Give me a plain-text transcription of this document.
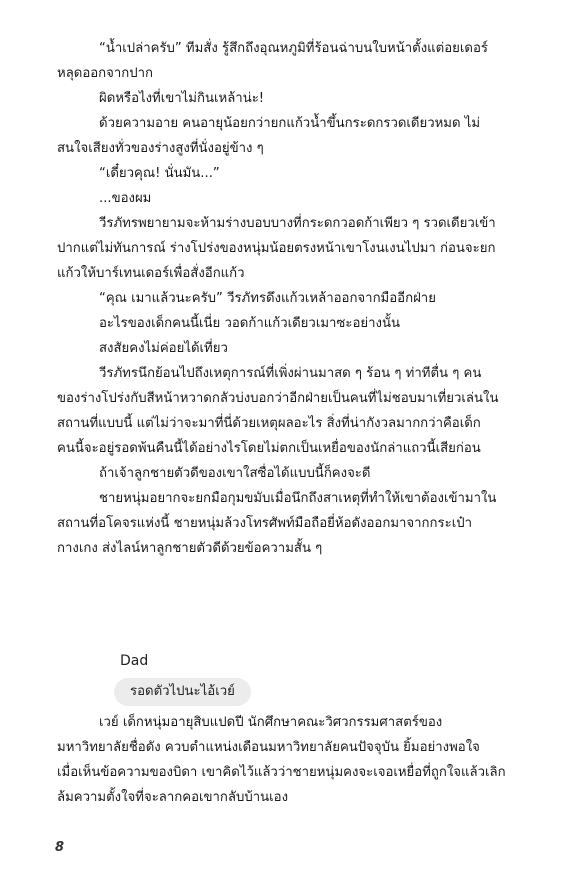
“น้ำเปล่าครับ” ทีมสั่ง รู้สึกถึงอุณหภูมิที่ร้อนฉ่าบนใบหน้าตั้งแต่อยเดอร์
หลุดออกจากปาก
ผิดหรือไงที่เขาไม่กินเหล้าน่ะ!
ด้วยความอาย คนอายุน้อยกว่ายกแก้วน้ำขึ้นกระดกรวดเดียวหมด ไม่
สนใจเสียงทั่วของร่างสูงที่นั่งอยู่ข้าง ๆ
“เดี๋ยวคุณ! นั่นมัน...”
...ของผม
วีรภัทรพยายามจะห้ามร่างบอบบางที่กระดกวอดก้าเพียว ๆ รวดเดียวเข้า
ปากแต่ไม่ทันการณ์ ร่างโปร่งของหนุ่มน้อยตรงหน้าเขาโงนเงนไปมา ก่อนจะยก
แก้วให้บาร์เทนเดอร์เพื่อสั่งอีกแก้ว
“คุณ เมาแล้วนะครับ” วีรภัทรดึงแก้วเหล้าออกจากมืออีกฝ่าย
อะไรของเด็กคนนี้เนี่ย วอดก้าแก้วเดียวเมาซะอย่างนั้น
สงสัยคงไม่ค่อยได้เที่ยว
วีรภัทรนึกย้อนไปถึงเหตุการณ์ที่เพิ่งผ่านมาสด ๆ ร้อน ๆ ท่าทีตื่น ๆ คน
ของร่างโปร่งกับสีหน้าหวาดกลัวบ่งบอกว่าอีกฝ่ายเป็นคนที่ไม่ชอบมาเที่ยวเล่นใน
สถานที่แบบนี้ แต่ไม่ว่าจะมาที่นี่ด้วยเหตุผลอะไร สิ่งที่น่ากังวลมากกว่าคือเด็ก
คนนี้จะอยู่รอดพ้นคืนนี้ได้อย่างไรโดยไม่ตกเป็นเหยื่อของนักล่าแถวนี้เสียก่อน
ถ้าเจ้าลูกชายตัวดีของเขาใสซื่อได้แบบนี้ก็คงจะดี
ชายหนุ่มอยากจะยกมือกุมขมับเมื่อนึกถึงสาเหตุที่ทำให้เขาต้องเข้ามาใน
สถานที่อโคจรแห่งนี้ ชายหนุ่มล้วงโทรศัพท์มือถือยี่ห้อดังออกมาจากกระเป๋า
กางเกง ส่งไลน์หาลูกชายตัวดีด้วยข้อความสั้น ๆ
Dad
รอดตัวไปนะไอ้เวย์
เวย์ เด็กหนุ่มอายุสิบแปดปี นักศึกษาคณะวิศวกรรมศาสตร์ของ
มหาวิทยาลัยชื่อดัง ควบตำแหน่งเดือนมหาวิทยาลัยคนปัจจุบัน ยิ้มอย่างพอใจ
เมื่อเห็นข้อความของบิดา เขาคิดไว้แล้วว่าชายหนุ่มคงจะเจอเหยื่อที่ถูกใจแล้วเลิก
ล้มความตั้งใจที่จะลากคอเขากลับบ้านเอง
8
